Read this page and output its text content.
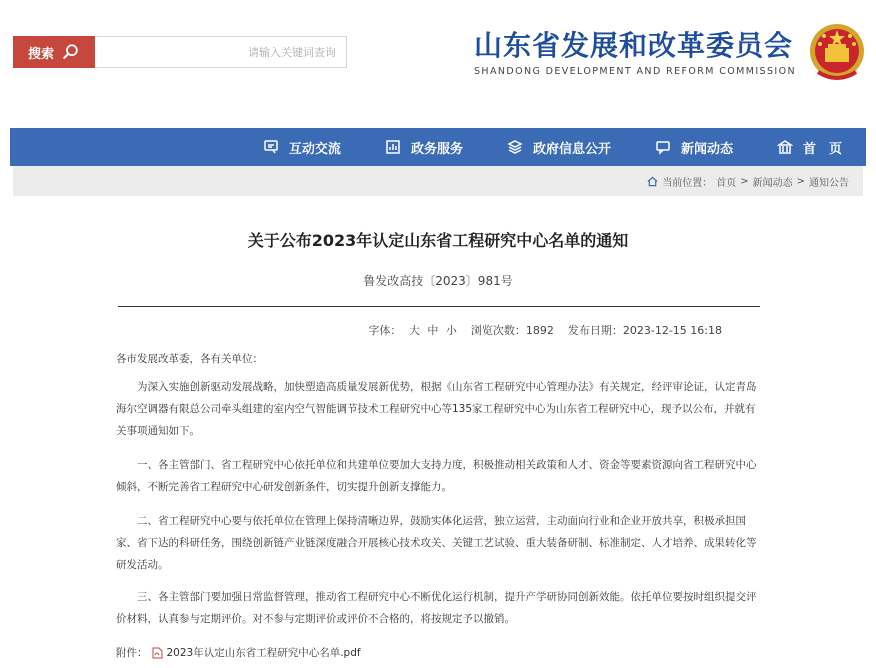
搜索
请输入关键词查询	山东省发展和改革委员会
SHANDONG DEVELOPMENT AND REFORM COMMISSION
首　页
新闻动态
政府信息公开
政务服务
互动交流
当前位置： 首页 > 新闻动态 > 通知公告
关于公布2023年认定山东省工程研究中心名单的通知
鲁发改高技〔2023〕981号
字体： 大 中 小 浏览次数：1892 发布日期：2023-12-15 16:18
各市发展改革委，各有关单位：
为深入实施创新驱动发展战略，加快塑造高质量发展新优势，根据《山东省工程研究中心管理办法》有关规定，经评审论证，认定青岛海尔空调器有限总公司牵头组建的室内空气智能调节技术工程研究中心等135家工程研究中心为山东省工程研究中心，现予以公布，并就有关事项通知如下。
一、各主管部门、省工程研究中心依托单位和共建单位要加大支持力度，积极推动相关政策和人才、资金等要素资源向省工程研究中心倾斜，不断完善省工程研究中心研发创新条件，切实提升创新支撑能力。
二、省工程研究中心要与依托单位在管理上保持清晰边界，鼓励实体化运营，独立运营，主动面向行业和企业开放共享，积极承担国家、省下达的科研任务，围绕创新链产业链深度融合开展核心技术攻关、关键工艺试验、重大装备研制、标准制定、人才培养、成果转化等研发活动。
三、各主管部门要加强日常监督管理，推动省工程研究中心不断优化运行机制，提升产学研协同创新效能。依托单位要按时组织提交评价材料，认真参与定期评价。对不参与定期评价或评价不合格的，将按规定予以撤销。
附件： 2023年认定山东省工程研究中心名单.pdf
